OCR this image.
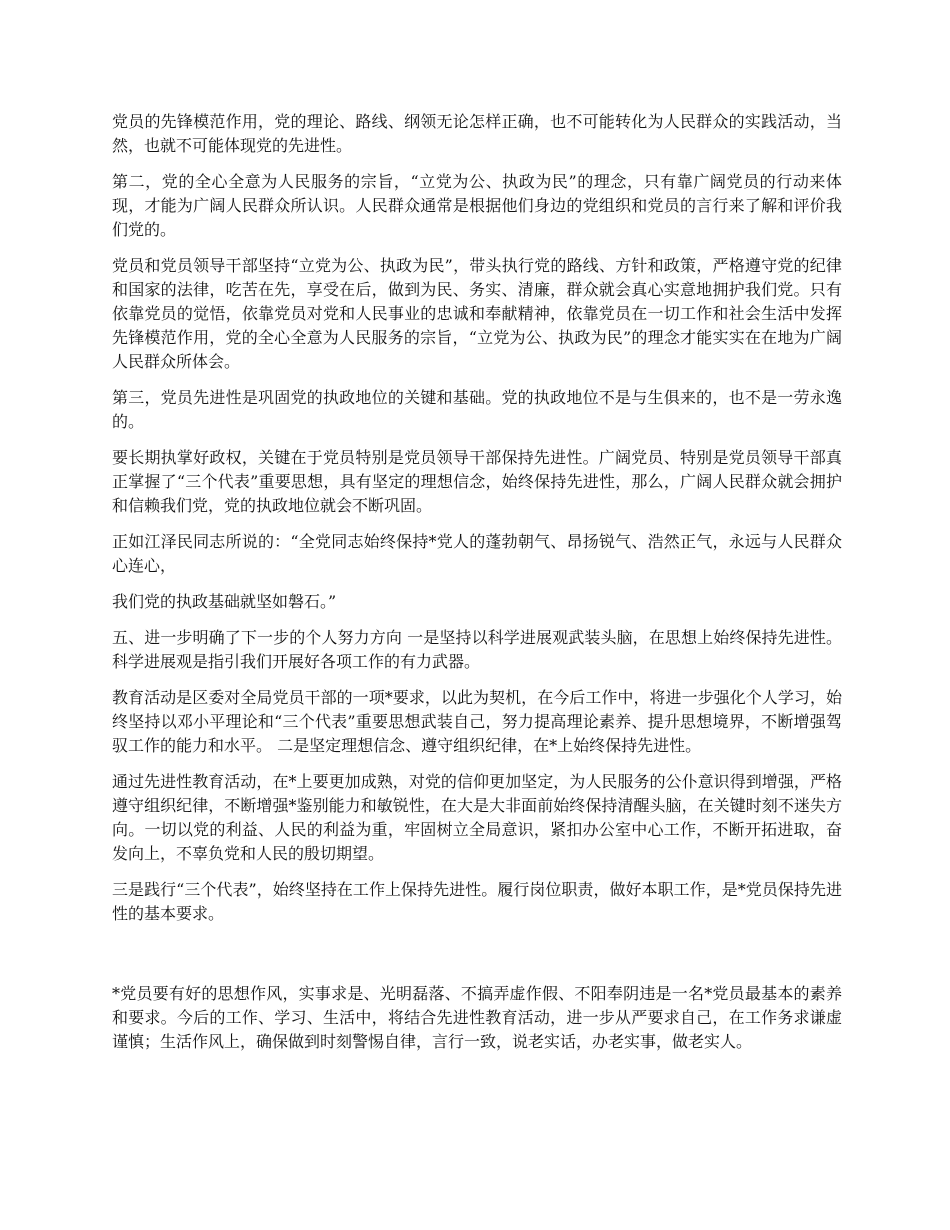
党员的先锋模范作用，党的理论、路线、纲领无论怎样正确，也不可能转化为人民群众的实践活动，当然，也就不可能体现党的先进性。

第二，党的全心全意为人民服务的宗旨，“立党为公、执政为民”的理念，只有靠广阔党员的行动来体现，才能为广阔人民群众所认识。人民群众通常是根据他们身边的党组织和党员的言行来了解和评价我们党的。

党员和党员领导干部坚持“立党为公、执政为民”，带头执行党的路线、方针和政策，严格遵守党的纪律和国家的法律，吃苦在先，享受在后，做到为民、务实、清廉，群众就会真心实意地拥护我们党。只有依靠党员的觉悟，依靠党员对党和人民事业的忠诚和奉献精神，依靠党员在一切工作和社会生活中发挥先锋模范作用，党的全心全意为人民服务的宗旨，“立党为公、执政为民”的理念才能实实在在地为广阔人民群众所体会。

第三，党员先进性是巩固党的执政地位的关键和基础。党的执政地位不是与生俱来的，也不是一劳永逸的。

要长期执掌好政权，关键在于党员特别是党员领导干部保持先进性。广阔党员、特别是党员领导干部真正掌握了“三个代表”重要思想，具有坚定的理想信念，始终保持先进性，那么，广阔人民群众就会拥护和信赖我们党，党的执政地位就会不断巩固。

正如江泽民同志所说的：“全党同志始终保持*党人的蓬勃朝气、昂扬锐气、浩然正气，永远与人民群众心连心，

我们党的执政基础就坚如磐石。”

五、进一步明确了下一步的个人努力方向 一是坚持以科学进展观武装头脑，在思想上始终保持先进性。科学进展观是指引我们开展好各项工作的有力武器。

教育活动是区委对全局党员干部的一项*要求，以此为契机，在今后工作中，将进一步强化个人学习，始终坚持以邓小平理论和“三个代表”重要思想武装自己，努力提高理论素养、提升思想境界，不断增强驾驭工作的能力和水平。 二是坚定理想信念、遵守组织纪律，在*上始终保持先进性。

通过先进性教育活动，在*上要更加成熟，对党的信仰更加坚定，为人民服务的公仆意识得到增强，严格遵守组织纪律，不断增强*鉴别能力和敏锐性，在大是大非面前始终保持清醒头脑，在关键时刻不迷失方向。一切以党的利益、人民的利益为重，牢固树立全局意识，紧扣办公室中心工作，不断开拓进取，奋发向上，不辜负党和人民的殷切期望。

三是践行“三个代表”，始终坚持在工作上保持先进性。履行岗位职责，做好本职工作，是*党员保持先进性的基本要求。

*党员要有好的思想作风，实事求是、光明磊落、不搞弄虚作假、不阳奉阴违是一名*党员最基本的素养和要求。今后的工作、学习、生活中，将结合先进性教育活动，进一步从严要求自己，在工作务求谦虚谨慎；生活作风上，确保做到时刻警惕自律，言行一致，说老实话，办老实事，做老实人。
